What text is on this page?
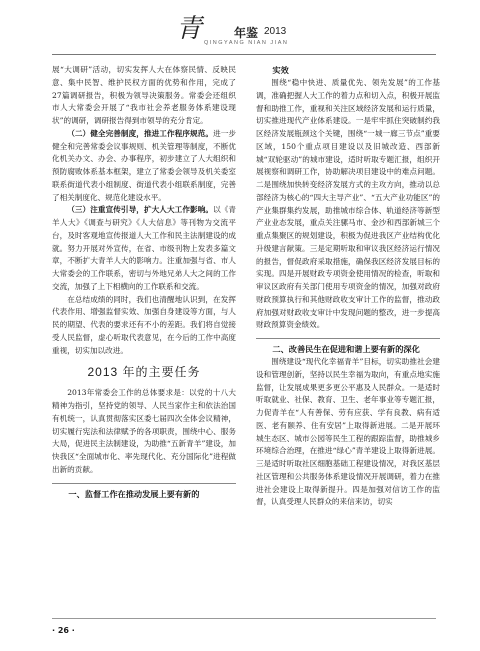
青	年鉴 2013
QINGYANG NIAN JIAN

展“大调研”活动，切实发挥人大在体察民情、反映民意、集中民智、维护民权方面的优势和作用，完成了27篇调研报告，积极为领导决策服务。常委会还组织市人大常委会开展了“我市社会养老服务体系建设现状”的调研，调研报告得到市领导的充分肯定。

（二）健全完善制度，推进工作程序规范。进一步健全和完善常委会议事规则、机关管理等制度，不断优化机关办文、办会、办事程序，初步建立了人大组织和预防腐败体系基本框架，建立了常委会领导及机关委室联系街道代表小组制度、街道代表小组联系制度，完善了相关制度化、规范化建设水平。

（三）注重宣传引导，扩大人大工作影响。以《青羊人大》《调查与研究》《人大信息》等刊物为交流平台，及时客观地宣传报道人大工作和民主法制建设的成就。努力开展对外宣传，在省、市级刊物上发表多篇文章，不断扩大青羊人大的影响力。注重加强与省、市人大常委会的工作联系，密切与外地兄弟人大之间的工作交流，加强了上下相横向的工作联系和交流。

在总结成绩的同时，我们也清醒地认识到，在发挥代表作用、增强监督实效、加强自身建设等方面，与人民的期望、代表的要求还有不小的差距。我们将自觉接受人民监督，虚心听取代表意见，在今后的工作中高度重视，切实加以改进。

2013 年的主要任务

2013年常委会工作的总体要求是：以党的十八大精神为指引，坚持党的领导、人民当家作主和依法治国有机统一，认真贯彻落实区委七届四次全体会议精神，切实履行宪法和法律赋予的各项职责，围绕中心、服务大局，促进民主法制建设，为助推“五新青羊”建设，加快我区“全面城市化、率先现代化、充分国际化”进程做出新的贡献。

一、监督工作在推动发展上要有新的

实效

围绕“稳中快进、质量优先、领先发展”的工作基调，准确把握人大工作的着力点和切入点，积极开展监督和助推工作，重视和关注区域经济发展和运行质量，切实推进现代产业体系建设。一是牢牢抓住突破制约我区经济发展瓶颈这个关键，围绕“一城一廊三节点”重要区域，150个重点项目建设以及旧城改造、西部新城“双轮驱动”的城市建设，适时听取专题汇报，组织开展视察和调研工作，协助解决项目建设中的难点问题。二是围绕加快转变经济发展方式的主攻方向，推动以总部经济为核心的“四大主导产业”、“五大产业功能区”的产业集群集约发展，助推城市综合体、轨道经济等新型产业业态发展，重点关注骡马市、金沙和西部新城三个重点集聚区的规划建设，积极为促进我区产业结构优化升级建言献策。三是定期听取和审议我区经济运行情况的报告，督促政府采取措施，确保我区经济发展目标的实现。四是开展财政专项资金使用情况的检查，听取和审议区政府有关部门使用专项资金的情况，加强对政府财政预算执行和其他财政收支审计工作的监督，推动政府加强对财政收支审计中发现问题的整改，进一步提高财政预算资金绩效。

二、改善民生在促进和谐上要有新的深化

围绕建设“现代化幸福青羊”目标，切实助推社会建设和管理创新，坚持以民生幸福为取向，有重点地实施监督，让发展成果更多更公平惠及人民群众。一是适时听取就业、社保、教育、卫生、老年事业等专题汇报，力促青羊在“人有善保、劳有应获、学有良教、病有适医、老有颐养、住有安居”上取得新进展。二是开展环城生态区、城市公园等民生工程的跟踪监督，助推城乡环境综合治理，在推进“绿心”青羊建设上取得新进展。三是适时听取社区细胞基础工程建设情况，对我区基层社区管理和公共服务体系建设情况开展调研，着力在推进社会建设上取得新提升。四是加强对信访工作的监督，认真受理人民群众的来信来访，切实

· 26 ·
